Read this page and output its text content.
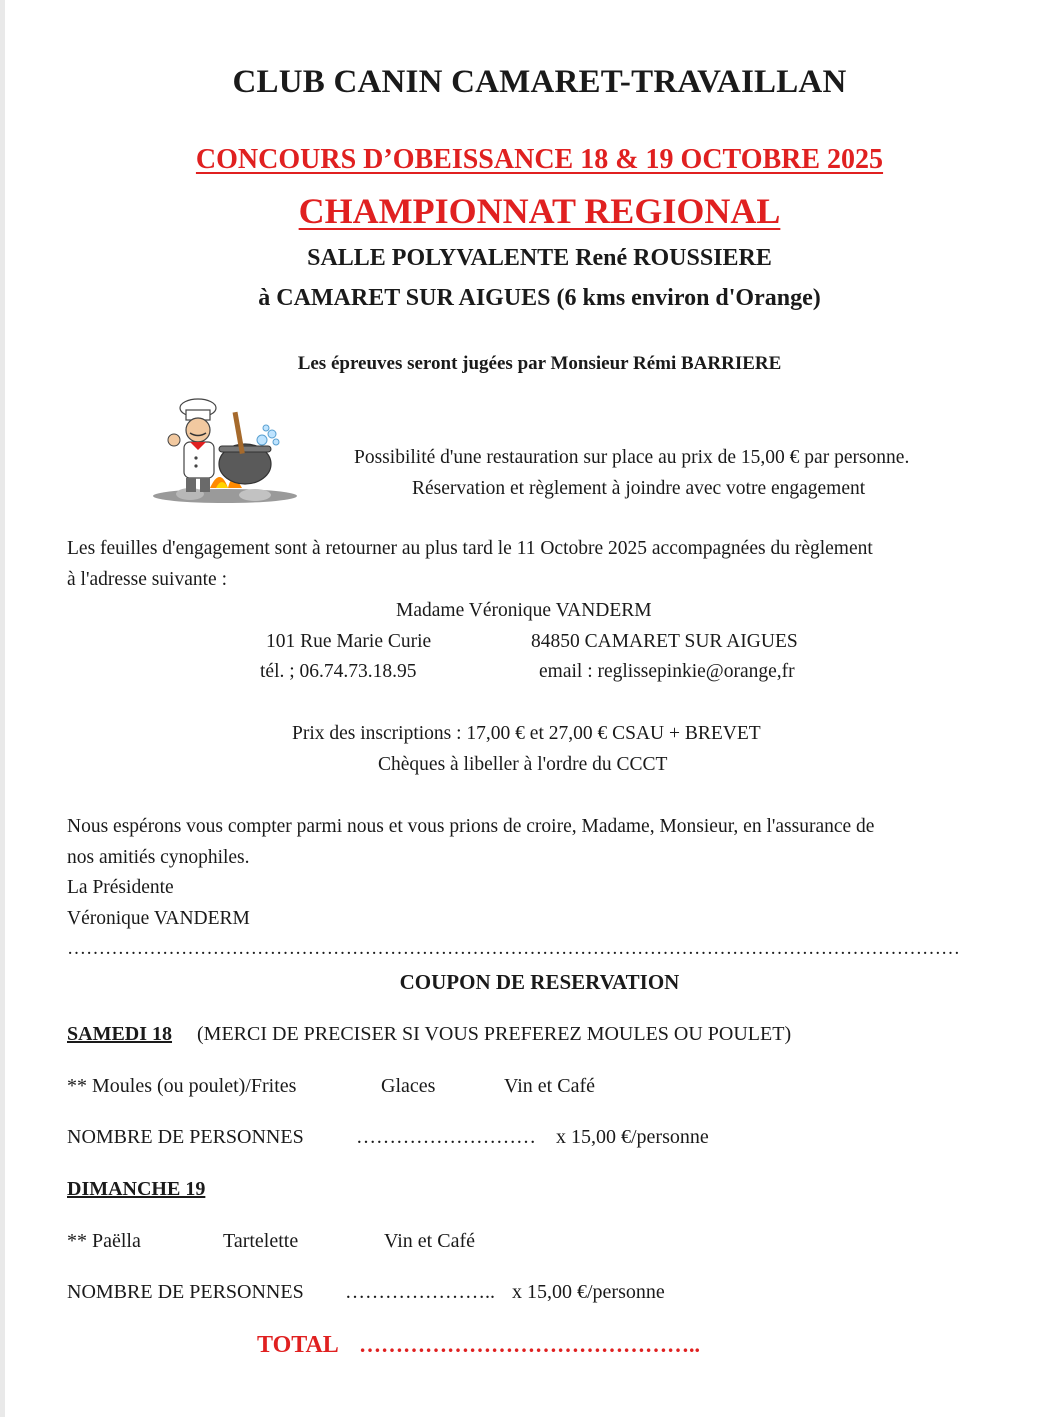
CLUB CANIN CAMARET-TRAVAILLAN
CONCOURS D’OBEISSANCE 18 & 19 OCTOBRE 2025
CHAMPIONNAT REGIONAL
SALLE POLYVALENTE René ROUSSIERE
à CAMARET SUR AIGUES (6 kms environ d'Orange)
Les épreuves seront jugées par Monsieur Rémi BARRIERE
Possibilité d'une restauration sur place au prix de 15,00 € par personne.
Réservation et règlement à joindre avec votre engagement
Les feuilles d'engagement sont à retourner au plus tard le 11 Octobre 2025 accompagnées du règlement
à l'adresse suivante :
Madame Véronique VANDERM
101 Rue Marie Curie	84850 CAMARET SUR AIGUES
tél. ; 06.74.73.18.95	email : reglissepinkie@orange,fr
Prix des inscriptions : 17,00 € et 27,00 € CSAU + BREVET
Chèques à libeller à l'ordre du CCCT
Nous espérons vous compter parmi nous et vous prions de croire, Madame, Monsieur, en l'assurance de
nos amitiés cynophiles.
La Présidente
Véronique VANDERM
……………………………………………………………………………………………………………………………
COUPON DE RESERVATION
SAMEDI 18 (MERCI DE PRECISER SI VOUS PREFEREZ MOULES OU POULET)
** Moules (ou poulet)/Frites	Glaces	Vin et Café
NOMBRE DE PERSONNES	……………………… x 15,00 €/personne
DIMANCHE 19
** Paëlla	Tartelette	Vin et Café
NOMBRE DE PERSONNES ………………….. x 15,00 €/personne
TOTAL ………………………………………..
